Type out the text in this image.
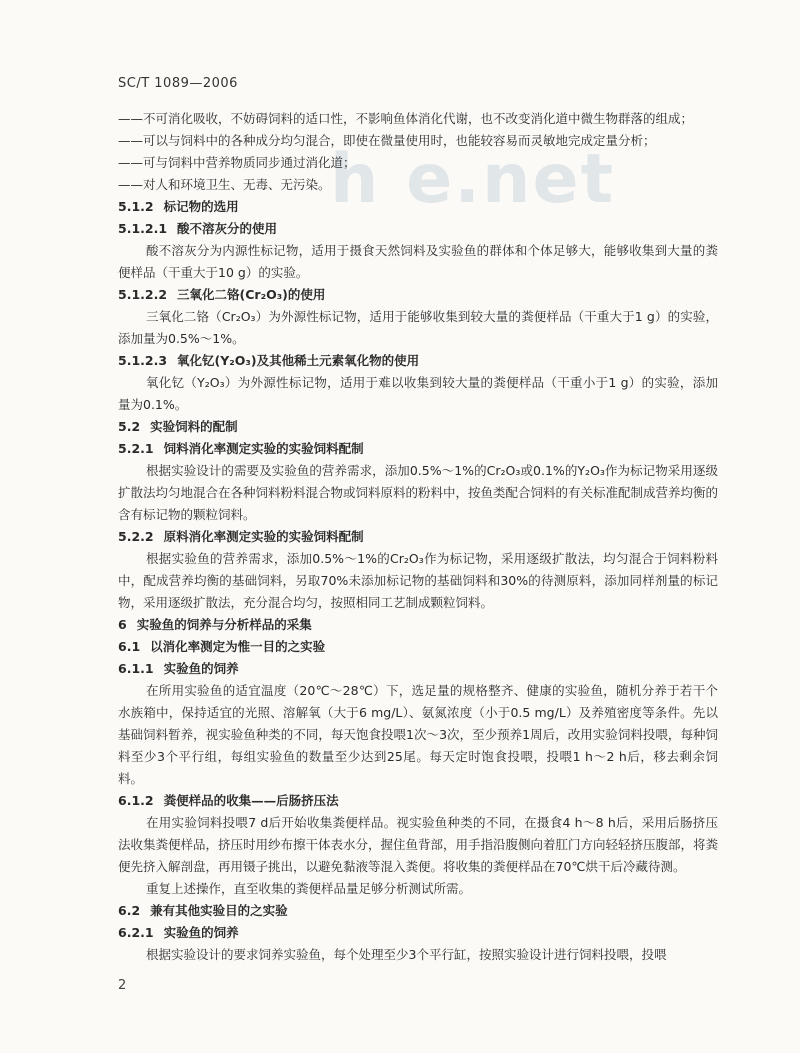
SC/T 1089—2006
h e.net

——不可消化吸收，不妨碍饲料的适口性，不影响鱼体消化代谢，也不改变消化道中微生物群落的组成；

——可以与饲料中的各种成分均匀混合，即使在微量使用时，也能较容易而灵敏地完成定量分析；

——可与饲料中营养物质同步通过消化道；

——对人和环境卫生、无毒、无污染。

5.1.2 标记物的选用

5.1.2.1 酸不溶灰分的使用

酸不溶灰分为内源性标记物，适用于摄食天然饲料及实验鱼的群体和个体足够大，能够收集到大量的粪便样品（干重大于10 g）的实验。

5.1.2.2 三氧化二铬(Cr₂O₃)的使用

三氧化二铬（Cr₂O₃）为外源性标记物，适用于能够收集到较大量的粪便样品（干重大于1 g）的实验，添加量为0.5%～1%。

5.1.2.3 氧化钇(Y₂O₃)及其他稀土元素氧化物的使用

氧化钇（Y₂O₃）为外源性标记物，适用于难以收集到较大量的粪便样品（干重小于1 g）的实验，添加量为0.1%。

5.2 实验饲料的配制

5.2.1 饲料消化率测定实验的实验饲料配制

根据实验设计的需要及实验鱼的营养需求，添加0.5%～1%的Cr₂O₃或0.1%的Y₂O₃作为标记物采用逐级扩散法均匀地混合在各种饲料粉料混合物或饲料原料的粉料中，按鱼类配合饲料的有关标准配制成营养均衡的含有标记物的颗粒饲料。

5.2.2 原料消化率测定实验的实验饲料配制

根据实验鱼的营养需求，添加0.5%～1%的Cr₂O₃作为标记物，采用逐级扩散法，均匀混合于饲料粉料中，配成营养均衡的基础饲料，另取70%未添加标记物的基础饲料和30%的待测原料，添加同样剂量的标记物，采用逐级扩散法，充分混合均匀，按照相同工艺制成颗粒饲料。

6 实验鱼的饲养与分析样品的采集

6.1 以消化率测定为惟一目的之实验

6.1.1 实验鱼的饲养

在所用实验鱼的适宜温度（20℃～28℃）下，选足量的规格整齐、健康的实验鱼，随机分养于若干个水族箱中，保持适宜的光照、溶解氧（大于6 mg/L）、氨氮浓度（小于0.5 mg/L）及养殖密度等条件。先以基础饲料暂养，视实验鱼种类的不同，每天饱食投喂1次～3次，至少预养1周后，改用实验饲料投喂，每种饲料至少3个平行组，每组实验鱼的数量至少达到25尾。每天定时饱食投喂，投喂1 h～2 h后，移去剩余饲料。

6.1.2 粪便样品的收集——后肠挤压法

在用实验饲料投喂7 d后开始收集粪便样品。视实验鱼种类的不同，在摄食4 h～8 h后，采用后肠挤压法收集粪便样品，挤压时用纱布擦干体表水分，握住鱼背部，用手指沿腹侧向着肛门方向轻轻挤压腹部，将粪便先挤入解剖盘，再用镊子挑出，以避免黏液等混入粪便。将收集的粪便样品在70℃烘干后冷藏待测。

重复上述操作，直至收集的粪便样品量足够分析测试所需。

6.2 兼有其他实验目的之实验

6.2.1 实验鱼的饲养

根据实验设计的要求饲养实验鱼，每个处理至少3个平行缸，按照实验设计进行饲料投喂，投喂

2
